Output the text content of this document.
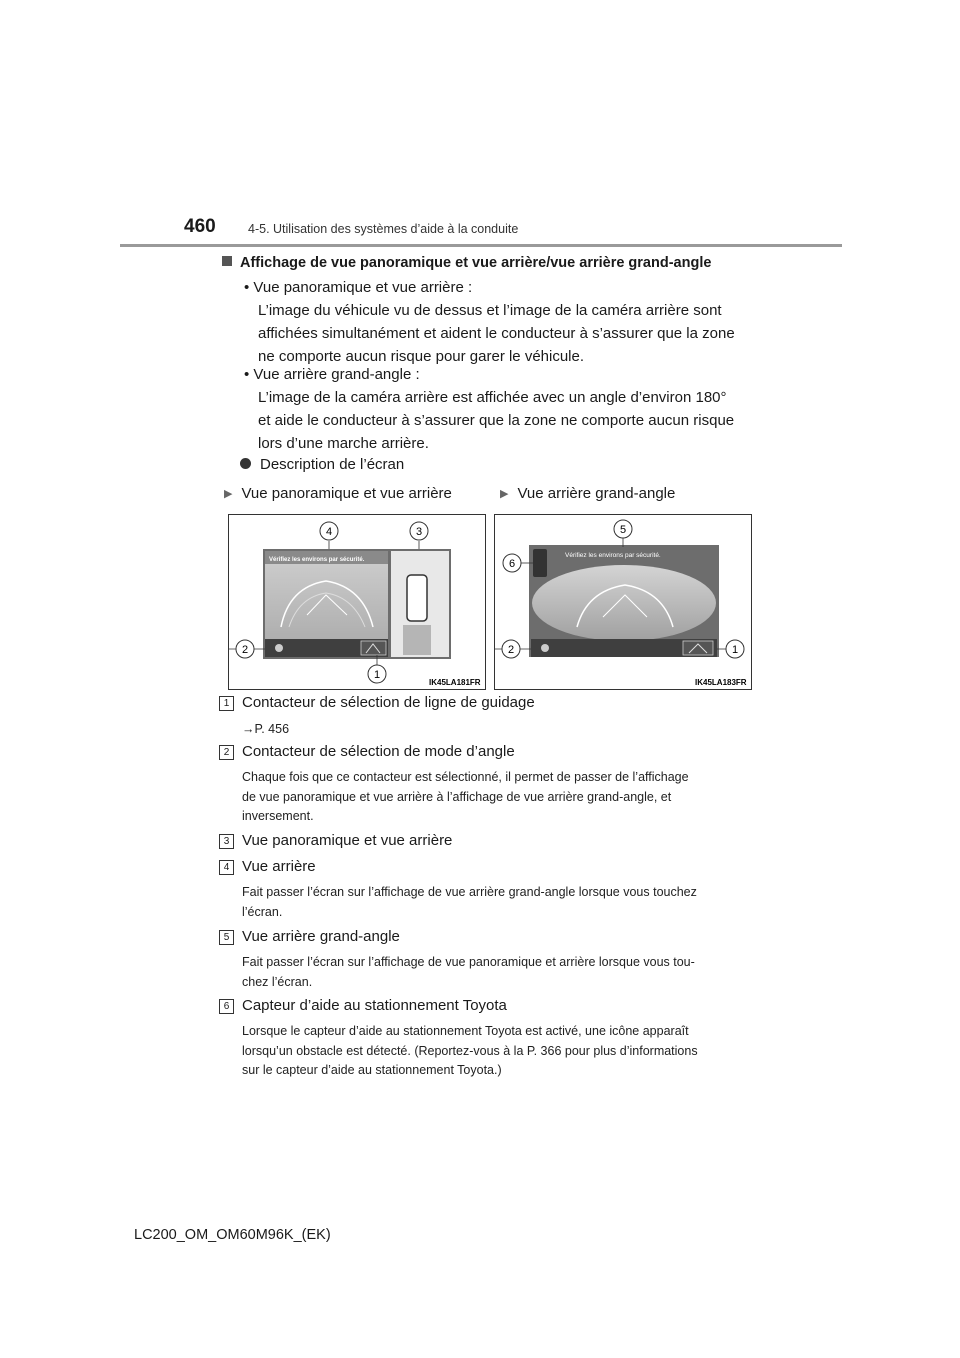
460	4-5. Utilisation des systèmes d’aide à la conduite
Affichage de vue panoramique et vue arrière/vue arrière grand-angle
• Vue panoramique et vue arrière :
L’image du véhicule vu de dessus et l’image de la caméra arrière sont
affichées simultanément et aident le conducteur à s’assurer que la zone
ne comporte aucun risque pour garer le véhicule.
• Vue arrière grand-angle :
L’image de la caméra arrière est affichée avec un angle d’environ 180°
et aide le conducteur à s’assurer que la zone ne comporte aucun risque
lors d’une marche arrière.
Description de l’écran
▶ Vue panoramique et vue arrière	▶ Vue arrière grand-angle
Vérifiez les environs par sécurité.
4	3
2
1
IK45LA181FR
Vérifiez les environs par sécurité.
5
6
2	1
IK45LA183FR
1 Contacteur de sélection de ligne de guidage
→P. 456
2 Contacteur de sélection de mode d’angle
Chaque fois que ce contacteur est sélectionné, il permet de passer de l’affichage
de vue panoramique et vue arrière à l’affichage de vue arrière grand-angle, et
inversement.
3 Vue panoramique et vue arrière
4 Vue arrière
Fait passer l’écran sur l’affichage de vue arrière grand-angle lorsque vous touchez
l’écran.
5 Vue arrière grand-angle
Fait passer l’écran sur l’affichage de vue panoramique et arrière lorsque vous tou-
chez l’écran.
6 Capteur d’aide au stationnement Toyota
Lorsque le capteur d’aide au stationnement Toyota est activé, une icône apparaît
lorsqu’un obstacle est détecté. (Reportez-vous à la P. 366 pour plus d’informations
sur le capteur d’aide au stationnement Toyota.)
LC200_OM_OM60M96K_(EK)
